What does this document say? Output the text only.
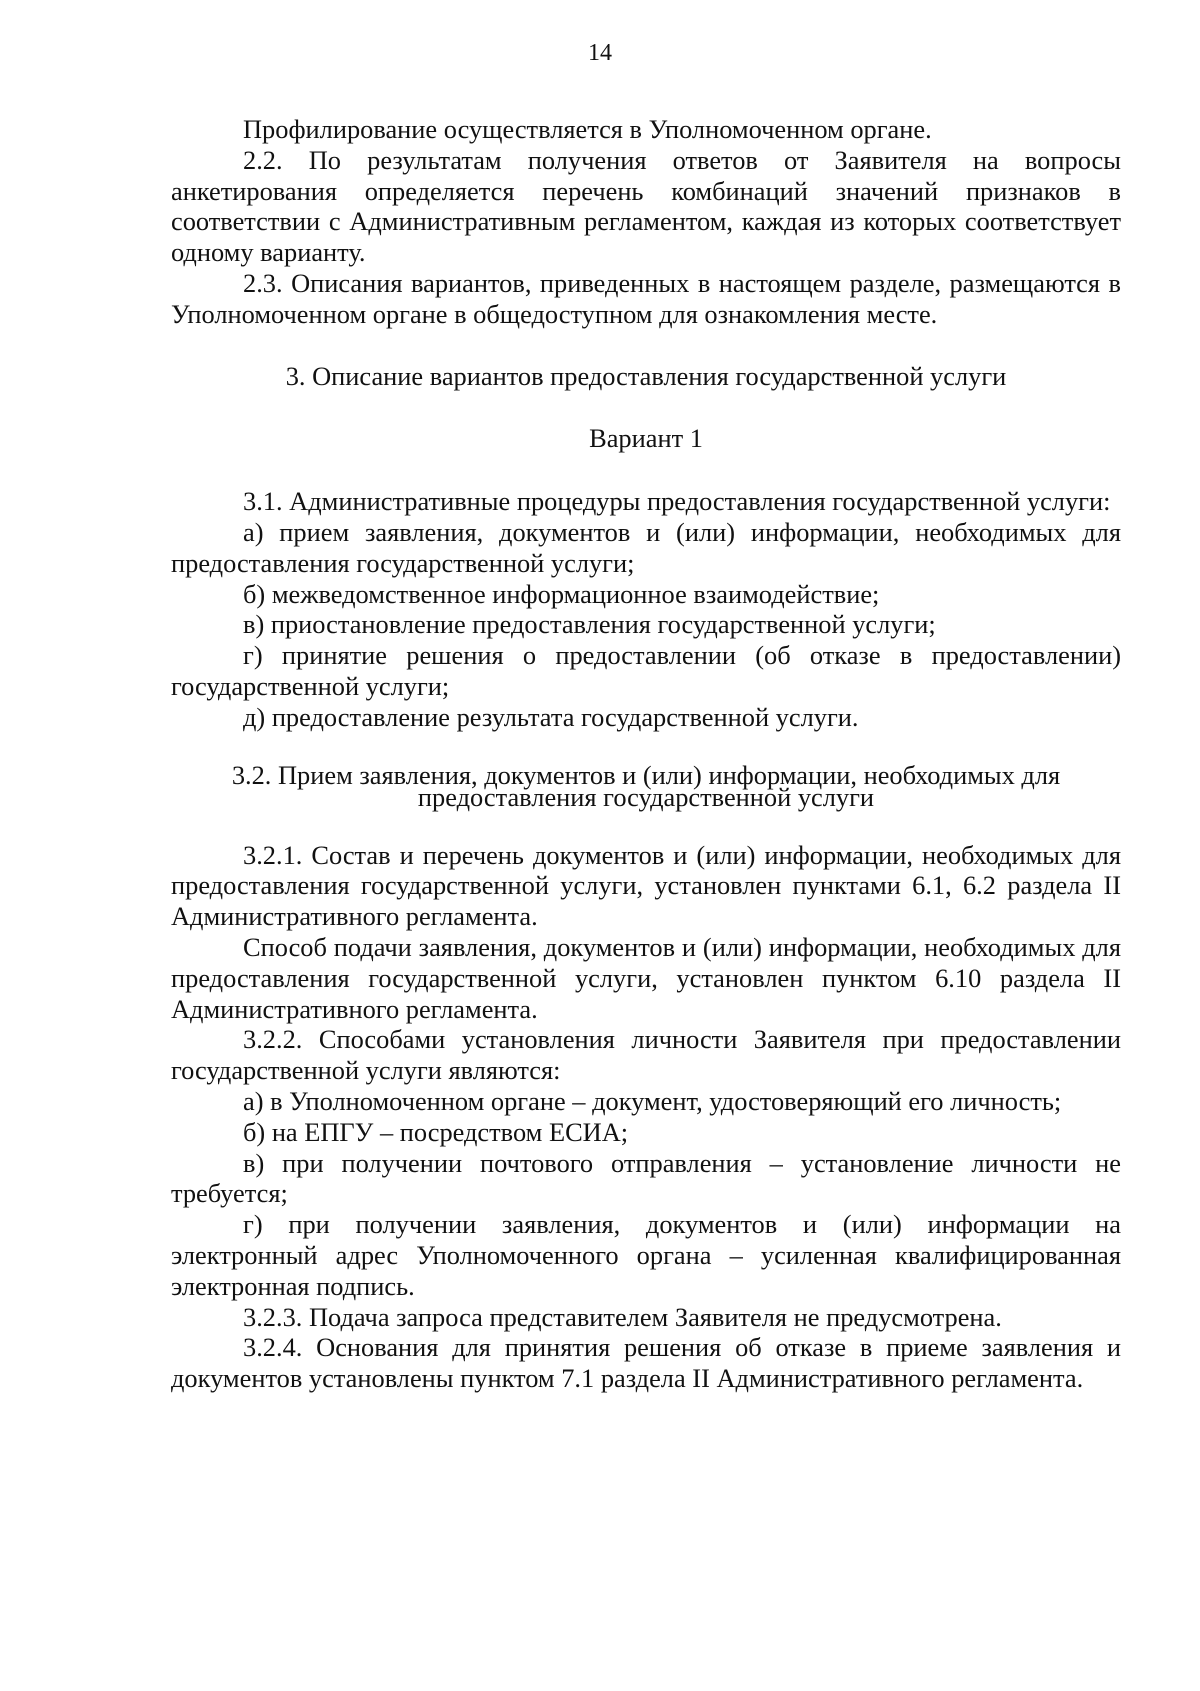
14

Профилирование осуществляется в Уполномоченном органе.

2.2. По результатам получения ответов от Заявителя на вопросы анкетирования определяется перечень комбинаций значений признаков в соответствии с Административным регламентом, каждая из которых соответствует одному варианту.

2.3. Описания вариантов, приведенных в настоящем разделе, размещаются в Уполномоченном органе в общедоступном для ознакомления месте.

3. Описание вариантов предоставления государственной услуги

Вариант 1

3.1. Административные процедуры предоставления государственной услуги:

а) прием заявления, документов и (или) информации, необходимых для предоставления государственной услуги;

б) межведомственное информационное взаимодействие;

в) приостановление предоставления государственной услуги;

г) принятие решения о предоставлении (об отказе в предоставлении) государственной услуги;

д) предоставление результата государственной услуги.

3.2. Прием заявления, документов и (или) информации, необходимых для
предоставления государственной услуги

3.2.1. Состав и перечень документов и (или) информации, необходимых для предоставления государственной услуги, установлен пунктами 6.1, 6.2 раздела II Административного регламента.

Способ подачи заявления, документов и (или) информации, необходимых для предоставления государственной услуги, установлен пунктом 6.10 раздела II Административного регламента.

3.2.2. Способами установления личности Заявителя при предоставлении государственной услуги являются:

а) в Уполномоченном органе – документ, удостоверяющий его личность;

б) на ЕПГУ – посредством ЕСИА;

в) при получении почтового отправления – установление личности не требуется;

г) при получении заявления, документов и (или) информации на электронный адрес Уполномоченного органа – усиленная квалифицированная электронная подпись.

3.2.3. Подача запроса представителем Заявителя не предусмотрена.

3.2.4. Основания для принятия решения об отказе в приеме заявления и документов установлены пунктом 7.1 раздела II Административного регламента.
